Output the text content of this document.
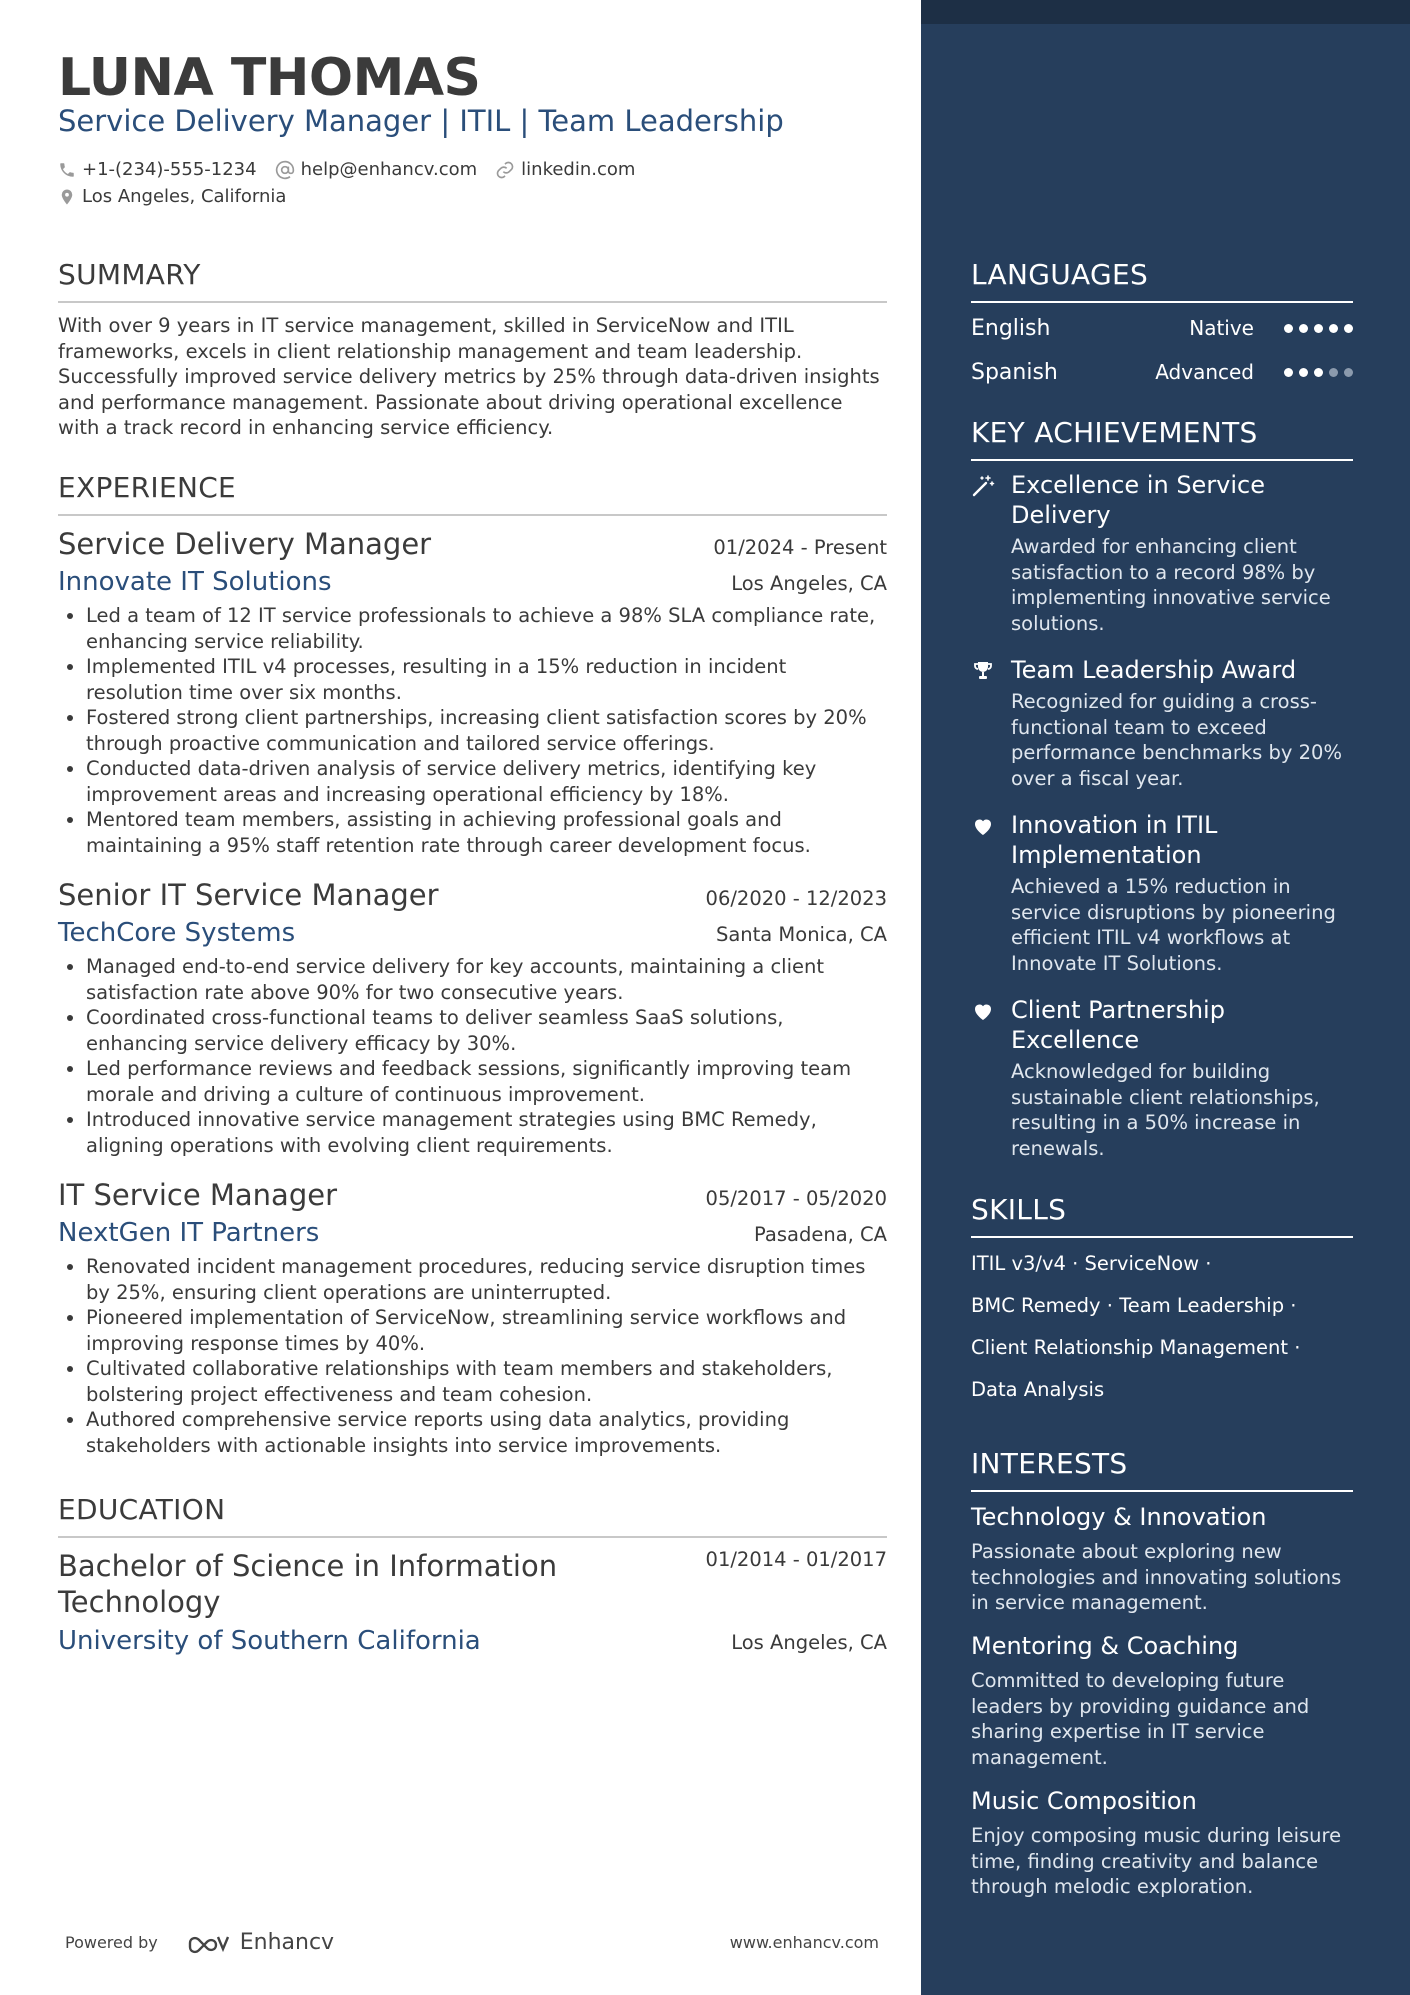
LUNA THOMAS
Service Delivery Manager | ITIL | Team Leadership
+1-(234)-555-1234 help@enhancv.com linkedin.com
Los Angeles, California
SUMMARY
With over 9 years in IT service management, skilled in ServiceNow and ITIL frameworks, excels in client relationship management and team leadership. Successfully improved service delivery metrics by 25% through data-driven insights and performance management. Passionate about driving operational excellence with a track record in enhancing service efficiency.
EXPERIENCE
Service Delivery Manager	01/2024 - Present
Innovate IT Solutions	Los Angeles, CA
• Led a team of 12 IT service professionals to achieve a 98% SLA compliance rate, enhancing service reliability.
• Implemented ITIL v4 processes, resulting in a 15% reduction in incident resolution time over six months.
• Fostered strong client partnerships, increasing client satisfaction scores by 20% through proactive communication and tailored service offerings.
• Conducted data-driven analysis of service delivery metrics, identifying key improvement areas and increasing operational efficiency by 18%.
• Mentored team members, assisting in achieving professional goals and maintaining a 95% staff retention rate through career development focus.
Senior IT Service Manager	06/2020 - 12/2023
TechCore Systems	Santa Monica, CA
• Managed end-to-end service delivery for key accounts, maintaining a client satisfaction rate above 90% for two consecutive years.
• Coordinated cross-functional teams to deliver seamless SaaS solutions, enhancing service delivery efficacy by 30%.
• Led performance reviews and feedback sessions, significantly improving team morale and driving a culture of continuous improvement.
• Introduced innovative service management strategies using BMC Remedy, aligning operations with evolving client requirements.
IT Service Manager	05/2017 - 05/2020
NextGen IT Partners	Pasadena, CA
• Renovated incident management procedures, reducing service disruption times by 25%, ensuring client operations are uninterrupted.
• Pioneered implementation of ServiceNow, streamlining service workflows and improving response times by 40%.
• Cultivated collaborative relationships with team members and stakeholders, bolstering project effectiveness and team cohesion.
• Authored comprehensive service reports using data analytics, providing stakeholders with actionable insights into service improvements.
EDUCATION
Bachelor of Science in Information Technology
01/2014 - 01/2017
University of Southern California	Los Angeles, CA
Powered by	Enhancv	www.enhancv.com
LANGUAGES
English	Native
Spanish	Advanced
KEY ACHIEVEMENTS
Excellence in Service Delivery
Awarded for enhancing client satisfaction to a record 98% by implementing innovative service solutions.
Team Leadership Award
Recognized for guiding a cross-functional team to exceed performance benchmarks by 20% over a fiscal year.
Innovation in ITIL Implementation
Achieved a 15% reduction in service disruptions by pioneering efficient ITIL v4 workflows at Innovate IT Solutions.
Client Partnership Excellence
Acknowledged for building sustainable client relationships, resulting in a 50% increase in renewals.
SKILLS
ITIL v3/v4 · ServiceNow ·
BMC Remedy · Team Leadership ·
Client Relationship Management ·
Data Analysis
INTERESTS
Technology & Innovation
Passionate about exploring new technologies and innovating solutions in service management.
Mentoring & Coaching
Committed to developing future leaders by providing guidance and sharing expertise in IT service management.
Music Composition
Enjoy composing music during leisure time, finding creativity and balance through melodic exploration.
